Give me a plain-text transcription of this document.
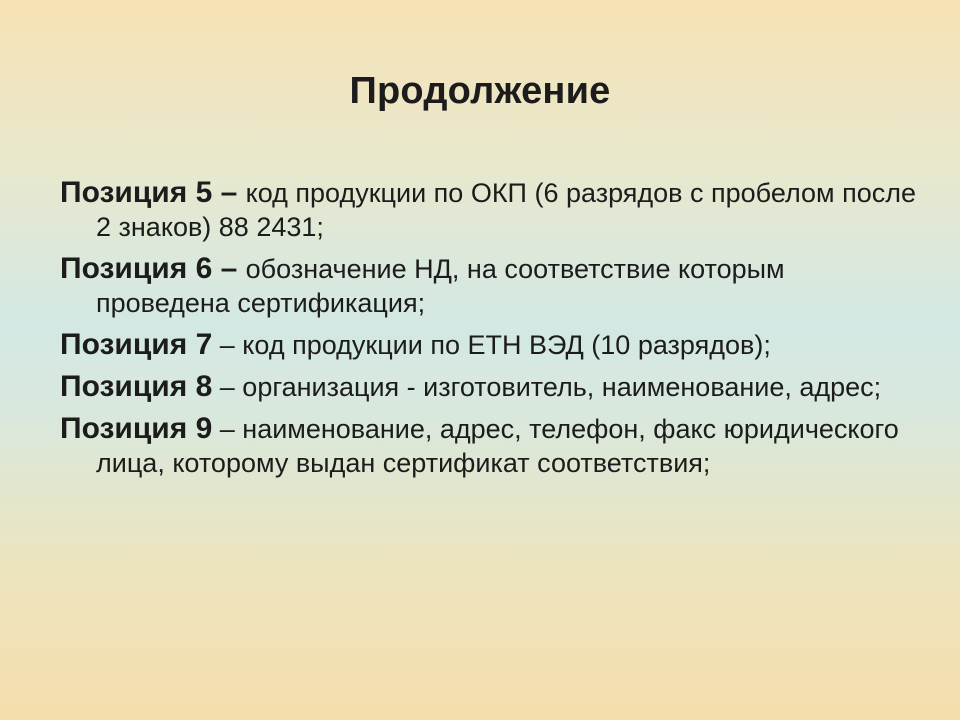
Продолжение
Позиция 5 – код продукции по ОКП (6 разрядов с пробелом после 2 знаков) 88 2431;
Позиция 6 – обозначение НД, на соответствие которым проведена сертификация;
Позиция 7 – код продукции по ЕТН ВЭД (10 разрядов);
Позиция 8 – организация - изготовитель, наименование, адрес;
Позиция 9 – наименование, адрес, телефон, факс юридического лица, которому выдан сертификат соответствия;
